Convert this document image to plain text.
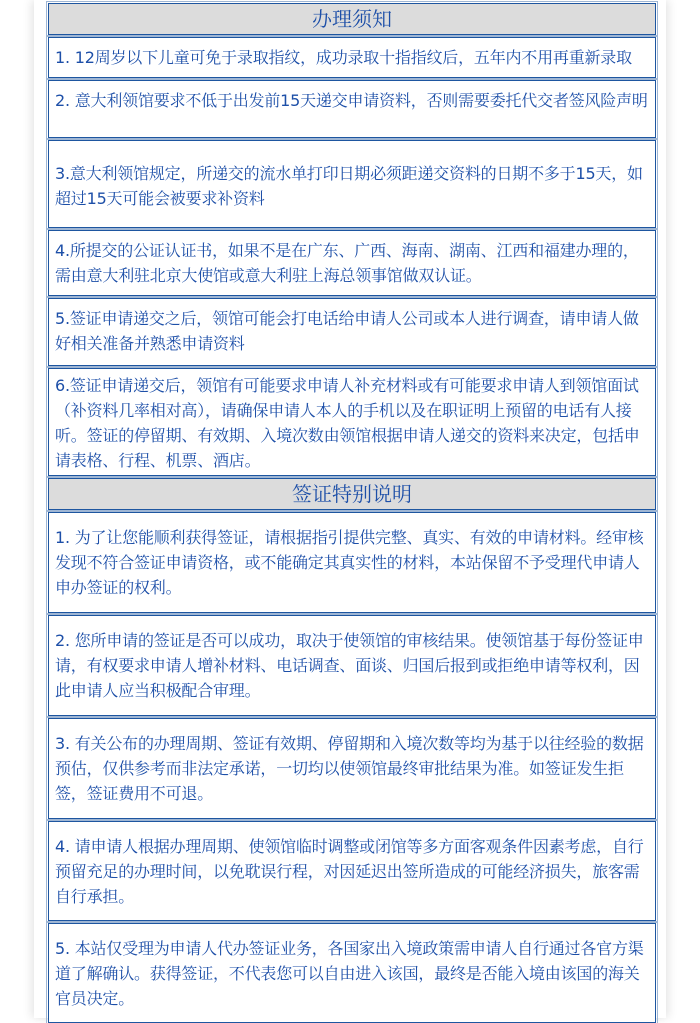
办理须知

1. 12周岁以下儿童可免于录取指纹，成功录取十指指纹后，五年内不用再重新录取

2. 意大利领馆要求不低于出发前15天递交申请资料，否则需要委托代交者签风险声明

3.意大利领馆规定，所递交的流水单打印日期必须距递交资料的日期不多于15天，如超过15天可能会被要求补资料

4.所提交的公证认证书，如果不是在广东、广西、海南、湖南、江西和福建办理的，需由意大利驻北京大使馆或意大利驻上海总领事馆做双认证。

5.签证申请递交之后，领馆可能会打电话给申请人公司或本人进行调查，请申请人做好相关准备并熟悉申请资料

6.签证申请递交后，领馆有可能要求申请人补充材料或有可能要求申请人到领馆面试（补资料几率相对高），请确保申请人本人的手机以及在职证明上预留的电话有人接听。签证的停留期、有效期、入境次数由领馆根据申请人递交的资料来决定，包括申请表格、行程、机票、酒店。

签证特别说明

1. 为了让您能顺利获得签证，请根据指引提供完整、真实、有效的申请材料。经审核发现不符合签证申请资格，或不能确定其真实性的材料，本站保留不予受理代申请人申办签证的权利。

2. 您所申请的签证是否可以成功，取决于使领馆的审核结果。使领馆基于每份签证申请，有权要求申请人增补材料、电话调查、面谈、归国后报到或拒绝申请等权利，因此申请人应当积极配合审理。

3. 有关公布的办理周期、签证有效期、停留期和入境次数等均为基于以往经验的数据预估，仅供参考而非法定承诺，一切均以使领馆最终审批结果为准。如签证发生拒签，签证费用不可退。

4. 请申请人根据办理周期、使领馆临时调整或闭馆等多方面客观条件因素考虑，自行预留充足的办理时间，以免耽误行程，对因延迟出签所造成的可能经济损失，旅客需自行承担。

5. 本站仅受理为申请人代办签证业务，各国家出入境政策需申请人自行通过各官方渠道了解确认。获得签证，不代表您可以自由进入该国，最终是否能入境由该国的海关官员决定。
